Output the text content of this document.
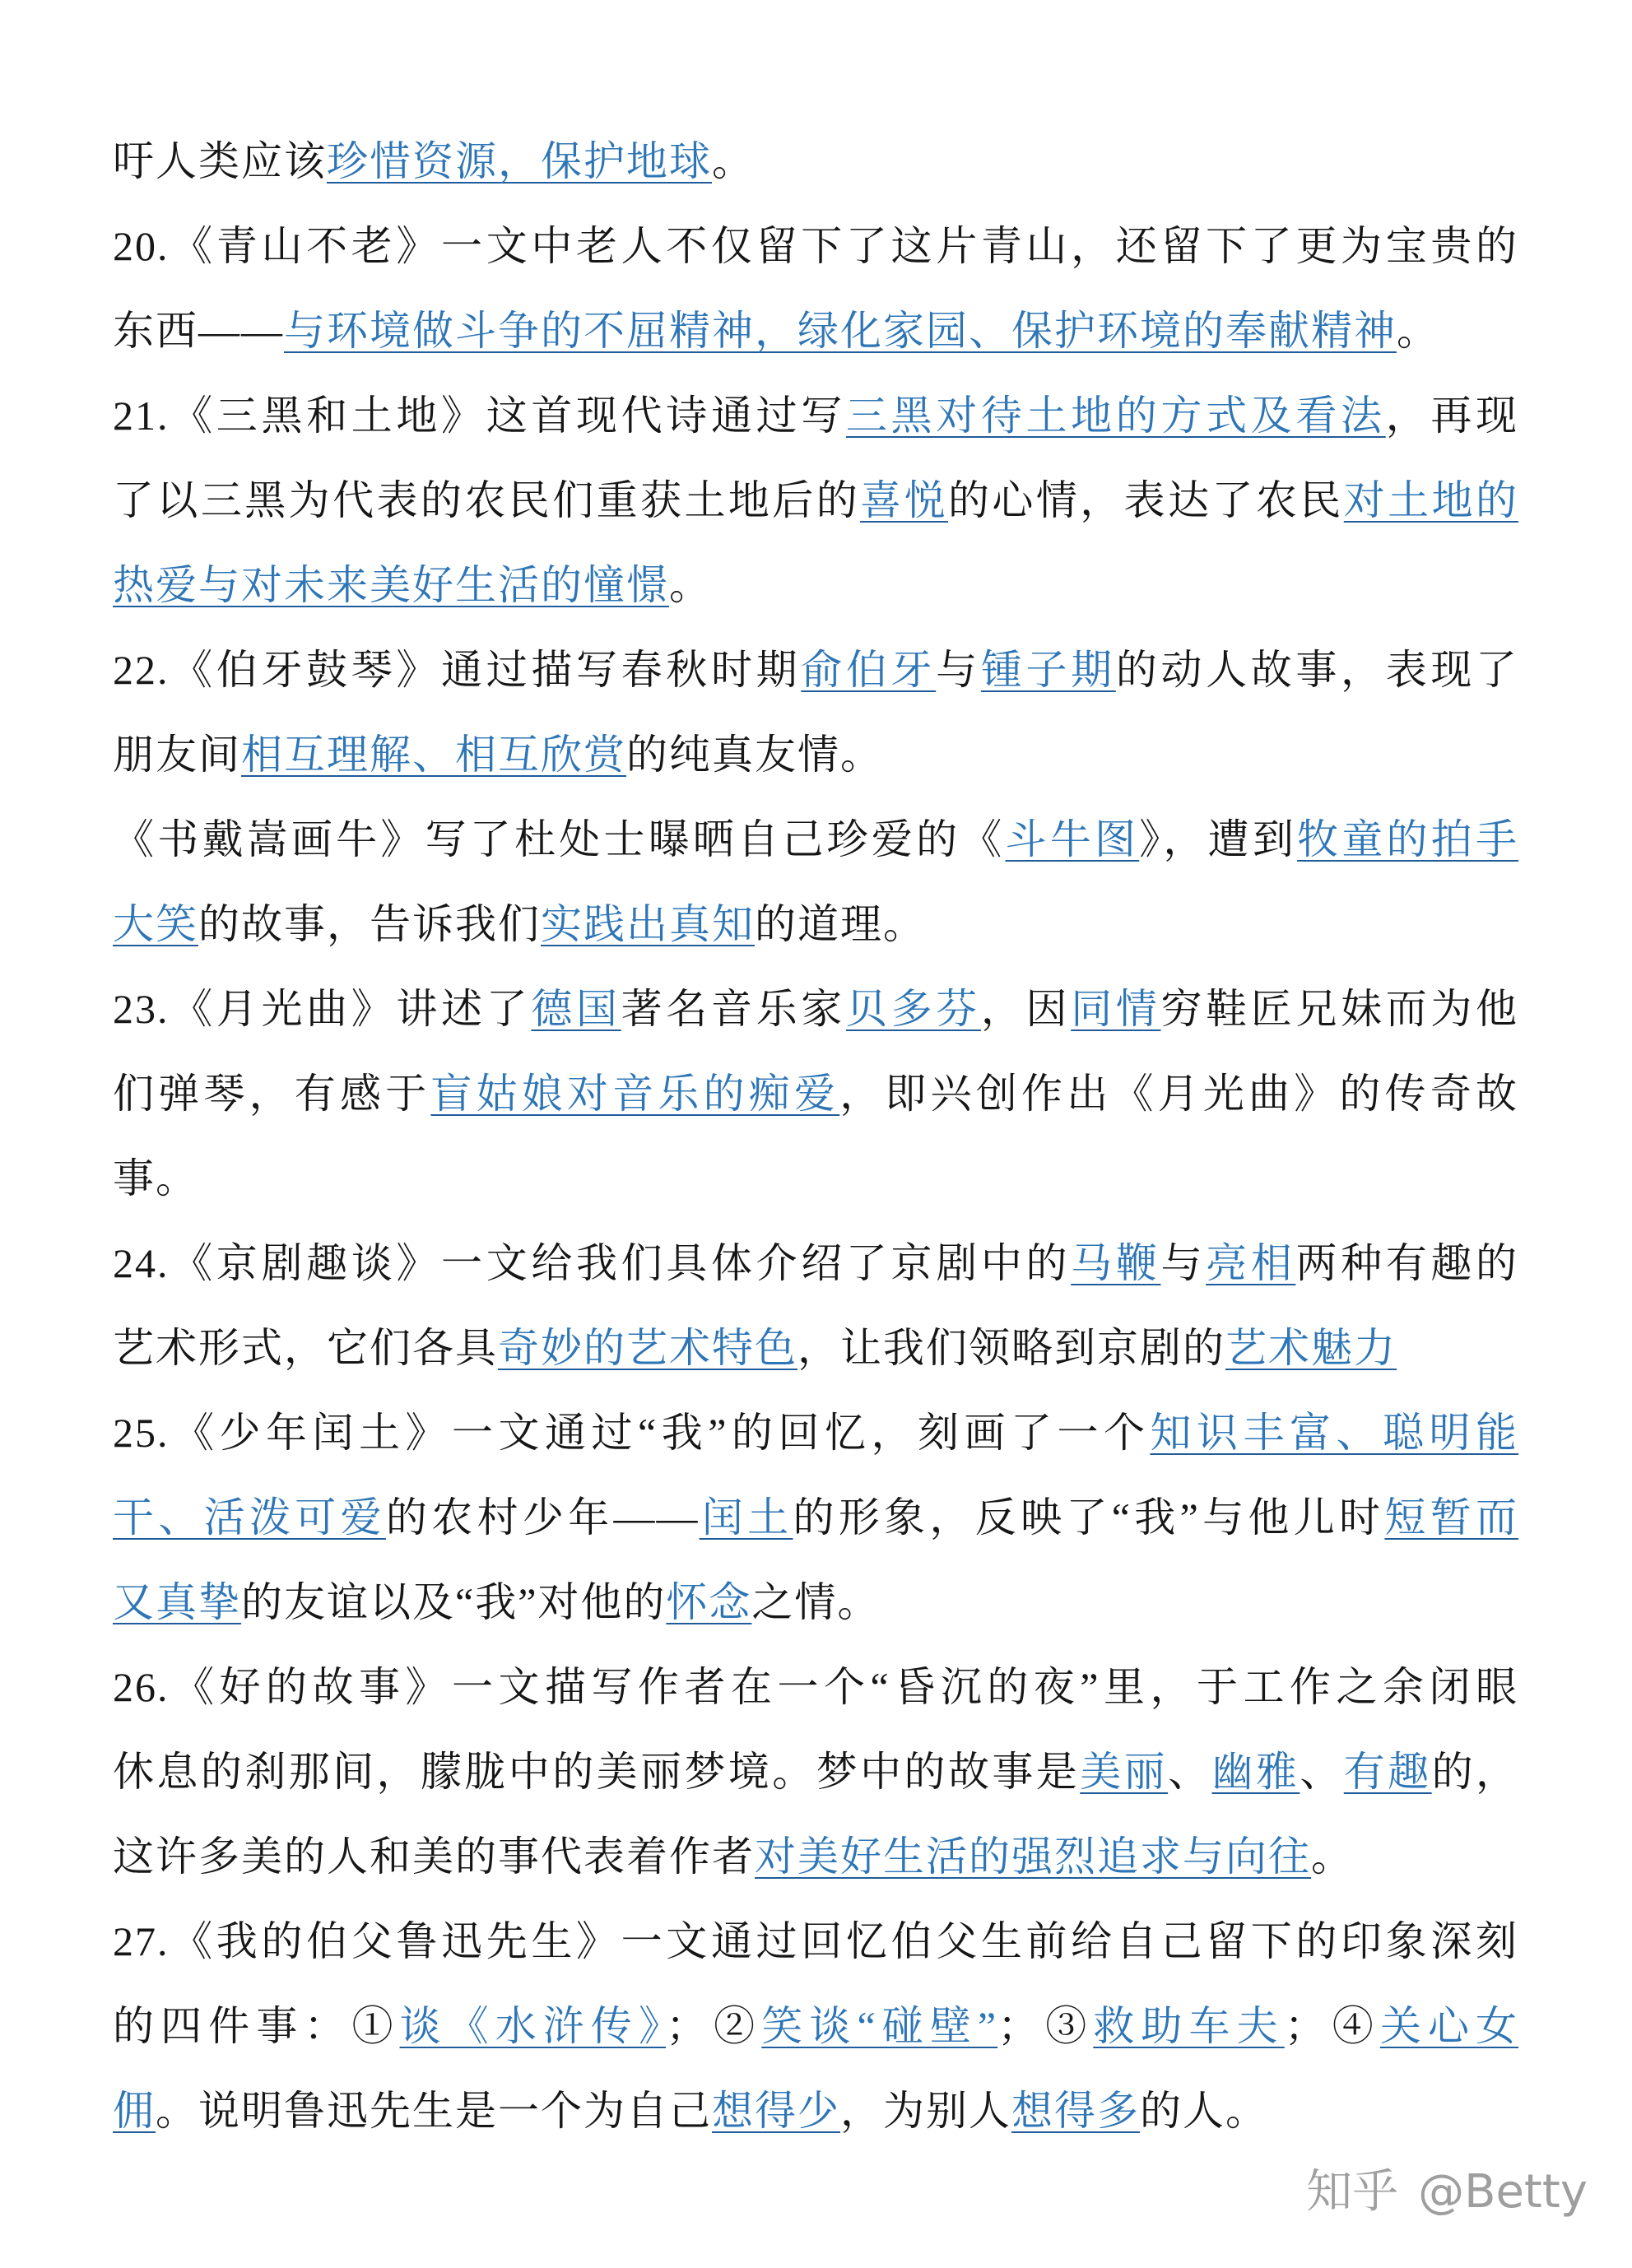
吁人类应该珍惜资源，保护地球。
20.《青山不老》一文中老人不仅留下了这片青山，还留下了更为宝贵的
东西——与环境做斗争的不屈精神，绿化家园、保护环境的奉献精神。
21.《三黑和土地》这首现代诗通过写三黑对待土地的方式及看法，再现
了以三黑为代表的农民们重获土地后的喜悦的心情，表达了农民对土地的
热爱与对未来美好生活的憧憬。
22.《伯牙鼓琴》通过描写春秋时期俞伯牙与锺子期的动人故事，表现了
朋友间相互理解、相互欣赏的纯真友情。
《书戴嵩画牛》写了杜处士曝晒自己珍爱的《斗牛图》，遭到牧童的拍手
大笑的故事，告诉我们实践出真知的道理。
23.《月光曲》讲述了德国著名音乐家贝多芬，因同情穷鞋匠兄妹而为他
们弹琴，有感于盲姑娘对音乐的痴爱，即兴创作出《月光曲》的传奇故
事。
24.《京剧趣谈》一文给我们具体介绍了京剧中的马鞭与亮相两种有趣的
艺术形式，它们各具奇妙的艺术特色，让我们领略到京剧的艺术魅力
25.《少年闰土》一文通过“我”的回忆，刻画了一个知识丰富、聪明能
干、活泼可爱的农村少年——闰土的形象，反映了“我”与他儿时短暂而
又真挚的友谊以及“我”对他的怀念之情。
26.《好的故事》一文描写作者在一个“昏沉的夜”里，于工作之余闭眼
休息的刹那间，朦胧中的美丽梦境。梦中的故事是美丽、幽雅、有趣的，
这许多美的人和美的事代表着作者对美好生活的强烈追求与向往。
27.《我的伯父鲁迅先生》一文通过回忆伯父生前给自己留下的印象深刻
的四件事：①谈《水浒传》；②笑谈“碰壁”；③救助车夫；④关心女
佣。说明鲁迅先生是一个为自己想得少，为别人想得多的人。
知乎 @Betty
